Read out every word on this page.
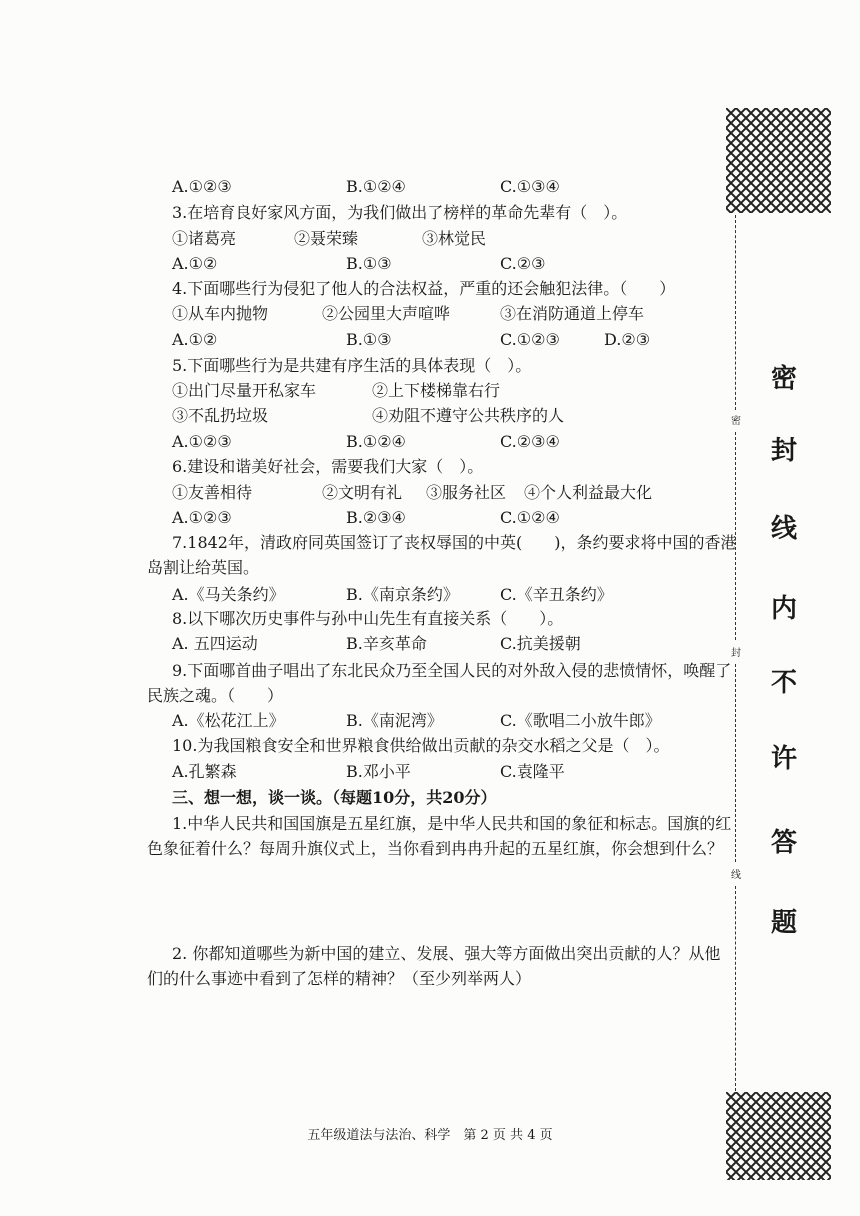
A.①②③	B.①②④	C.①③④
3.在培育良好家风方面，为我们做出了榜样的革命先辈有（　）。
①诸葛亮	②聂荣臻	③林觉民
A.①②	B.①③	C.②③
4.下面哪些行为侵犯了他人的合法权益，严重的还会触犯法律。（　　）
①从车内抛物	②公园里大声喧哗	③在消防通道上停车
A.①②	B.①③	C.①②③	D.②③
5.下面哪些行为是共建有序生活的具体表现（　）。
①出门尽量开私家车	②上下楼梯靠右行
③不乱扔垃圾	④劝阻不遵守公共秩序的人
A.①②③	B.①②④	C.②③④
6.建设和谐美好社会，需要我们大家（　）。
①友善相待	②文明有礼 ③服务社区 ④个人利益最大化
A.①②③	B.②③④	C.①②④
7.1842年，清政府同英国签订了丧权辱国的中英(　　)，条约要求将中国的香港
岛割让给英国。
A.《马关条约》	B.《南京条约》	C.《辛丑条约》
8.以下哪次历史事件与孙中山先生有直接关系（　　）。
A. 五四运动	B.辛亥革命	C.抗美援朝
9.下面哪首曲子唱出了东北民众乃至全国人民的对外敌入侵的悲愤情怀，唤醒了
民族之魂。（　　）
A.《松花江上》	B.《南泥湾》	C.《歌唱二小放牛郎》
10.为我国粮食安全和世界粮食供给做出贡献的杂交水稻之父是（　）。
A.孔繁森	B.邓小平	C.袁隆平
三、想一想，谈一谈。（每题10分，共20分）
1.中华人民共和国国旗是五星红旗，是中华人民共和国的象征和标志。国旗的红
色象征着什么？每周升旗仪式上，当你看到冉冉升起的五星红旗，你会想到什么？
2. 你都知道哪些为新中国的建立、发展、强大等方面做出突出贡献的人？从他
们的什么事迹中看到了怎样的精神？（至少列举两人）
五年级道法与法治、科学　第 2 页 共 4 页
密
封
线
密
封
线
内
不
许
答
题
